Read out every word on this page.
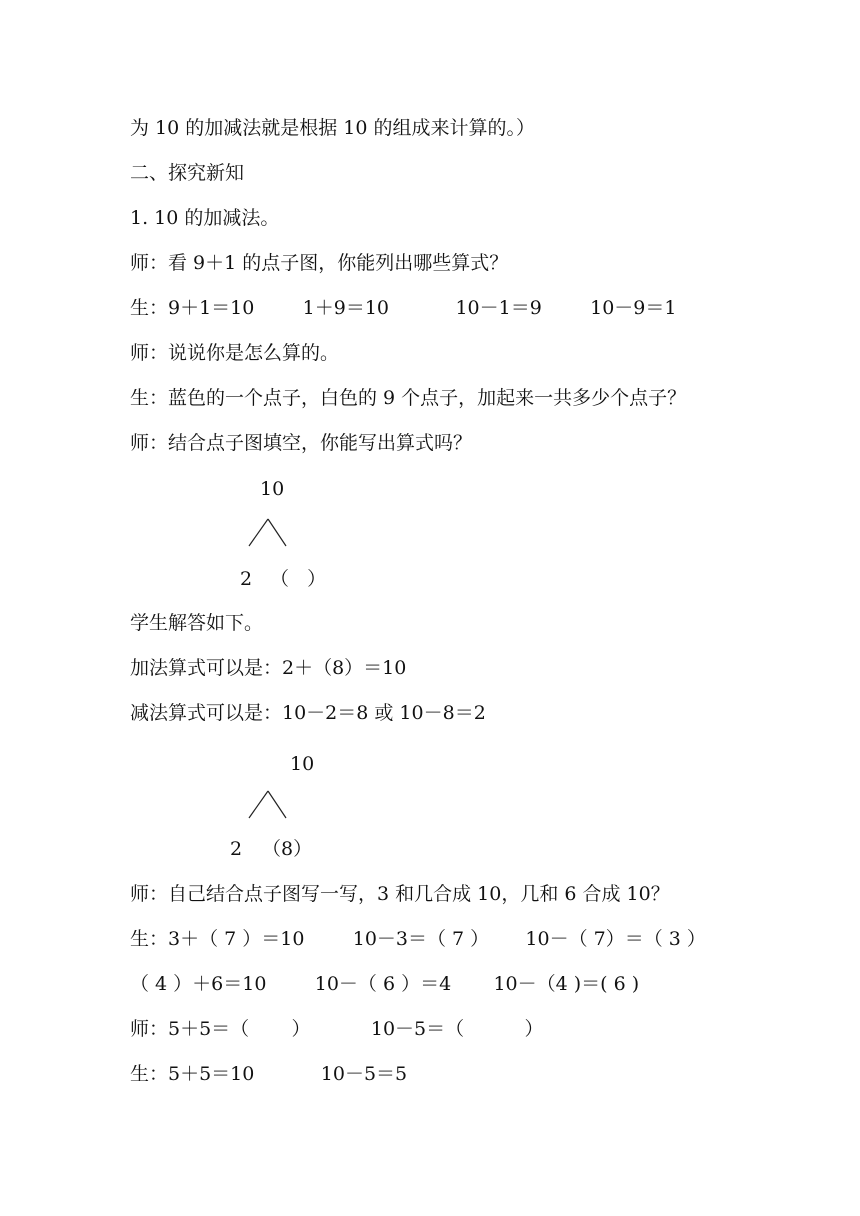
为 10 的加减法就是根据 10 的组成来计算的。）
二、探究新知
1. 10 的加减法。
师：看 9＋1 的点子图，你能列出哪些算式？
生：9＋1＝10        1＋9＝10           10－1＝9        10－9＝1
师：说说你是怎么算的。
生：蓝色的一个点子，白色的 9 个点子，加起来一共多少个点子？
师：结合点子图填空，你能写出算式吗？
10
2 （   ）
学生解答如下。
加法算式可以是：2＋（8）＝10
减法算式可以是：10－2＝8 或 10－8＝2
10
2 （8）
师：自己结合点子图写一写，3 和几合成 10，几和 6 合成 10？
生：3＋（ 7 ）＝10        10－3＝（ 7 ）      10－（ 7）＝（ 3 ）
（ 4 ）＋6＝10        10－（ 6 ）＝4       10－（4 )＝( 6 )
师：5＋5＝（       ）          10－5＝（          ）
生：5＋5＝10           10－5＝5
